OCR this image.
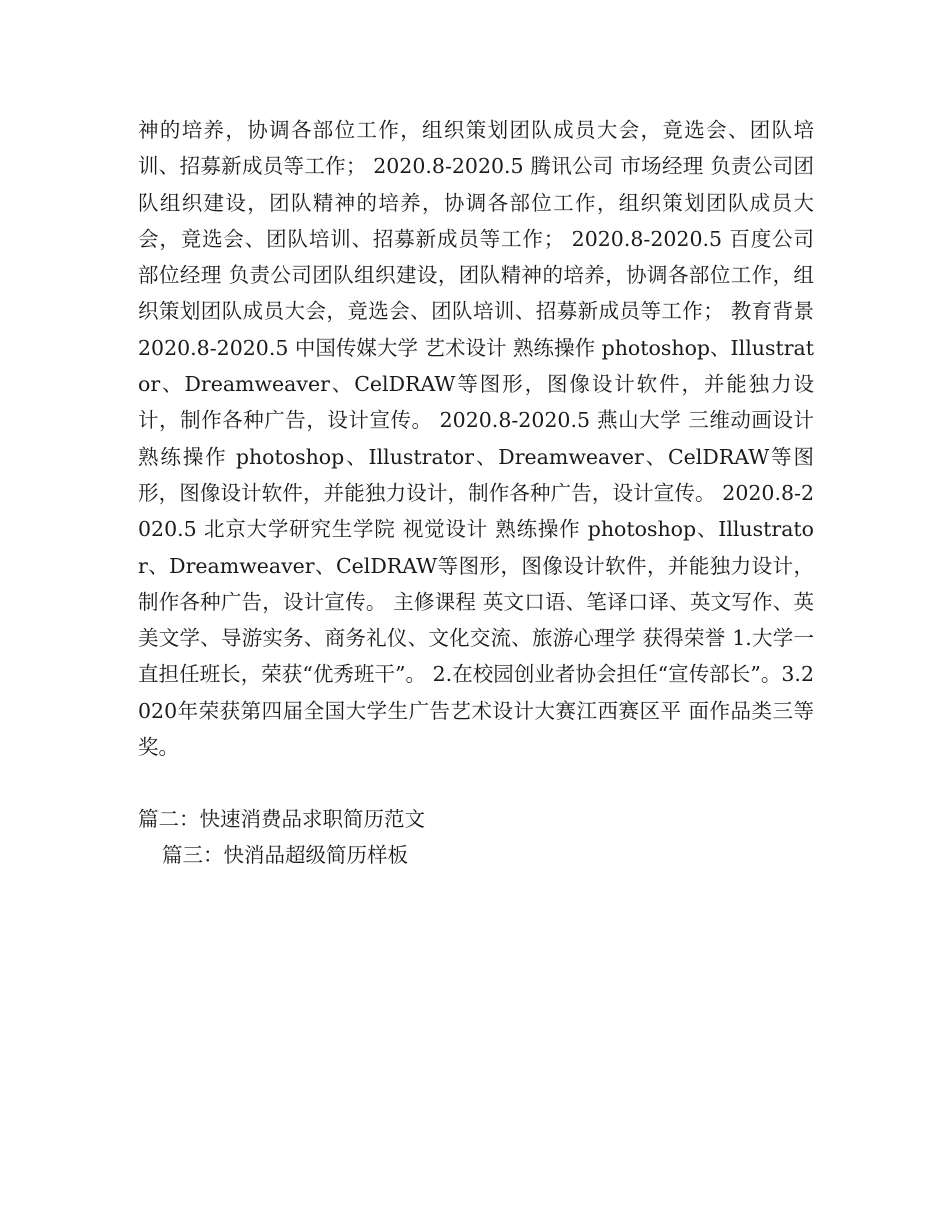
神的培养，协调各部位工作，组织策划团队成员大会，竟选会、团队培训、招募新成员等工作； 2020.8-2020.5 腾讯公司 市场经理 负责公司团队组织建设，团队精神的培养，协调各部位工作，组织策划团队成员大会，竟选会、团队培训、招募新成员等工作； 2020.8-2020.5 百度公司 部位经理 负责公司团队组织建设，团队精神的培养，协调各部位工作，组织策划团队成员大会，竟选会、团队培训、招募新成员等工作； 教育背景 2020.8-2020.5 中国传媒大学 艺术设计 熟练操作 photoshop、Illustrator、Dreamweaver、CelDRAW等图形，图像设计软件，并能独力设计，制作各种广告，设计宣传。 2020.8-2020.5 燕山大学 三维动画设计 熟练操作 photoshop、Illustrator、Dreamweaver、CelDRAW等图形，图像设计软件，并能独力设计，制作各种广告，设计宣传。 2020.8-2020.5 北京大学研究生学院 视觉设计 熟练操作 photoshop、Illustrator、Dreamweaver、CelDRAW等图形，图像设计软件，并能独力设计，制作各种广告，设计宣传。 主修课程 英文口语、笔译口译、英文写作、英美文学、导游实务、商务礼仪、文化交流、旅游心理学 获得荣誉 1.大学一直担任班长，荣获“优秀班干”。 2.在校园创业者协会担任“宣传部长”。3.2020年荣获第四届全国大学生广告艺术设计大赛江西赛区平 面作品类三等奖。

篇二：快速消费品求职简历范文

篇三：快消品超级简历样板
